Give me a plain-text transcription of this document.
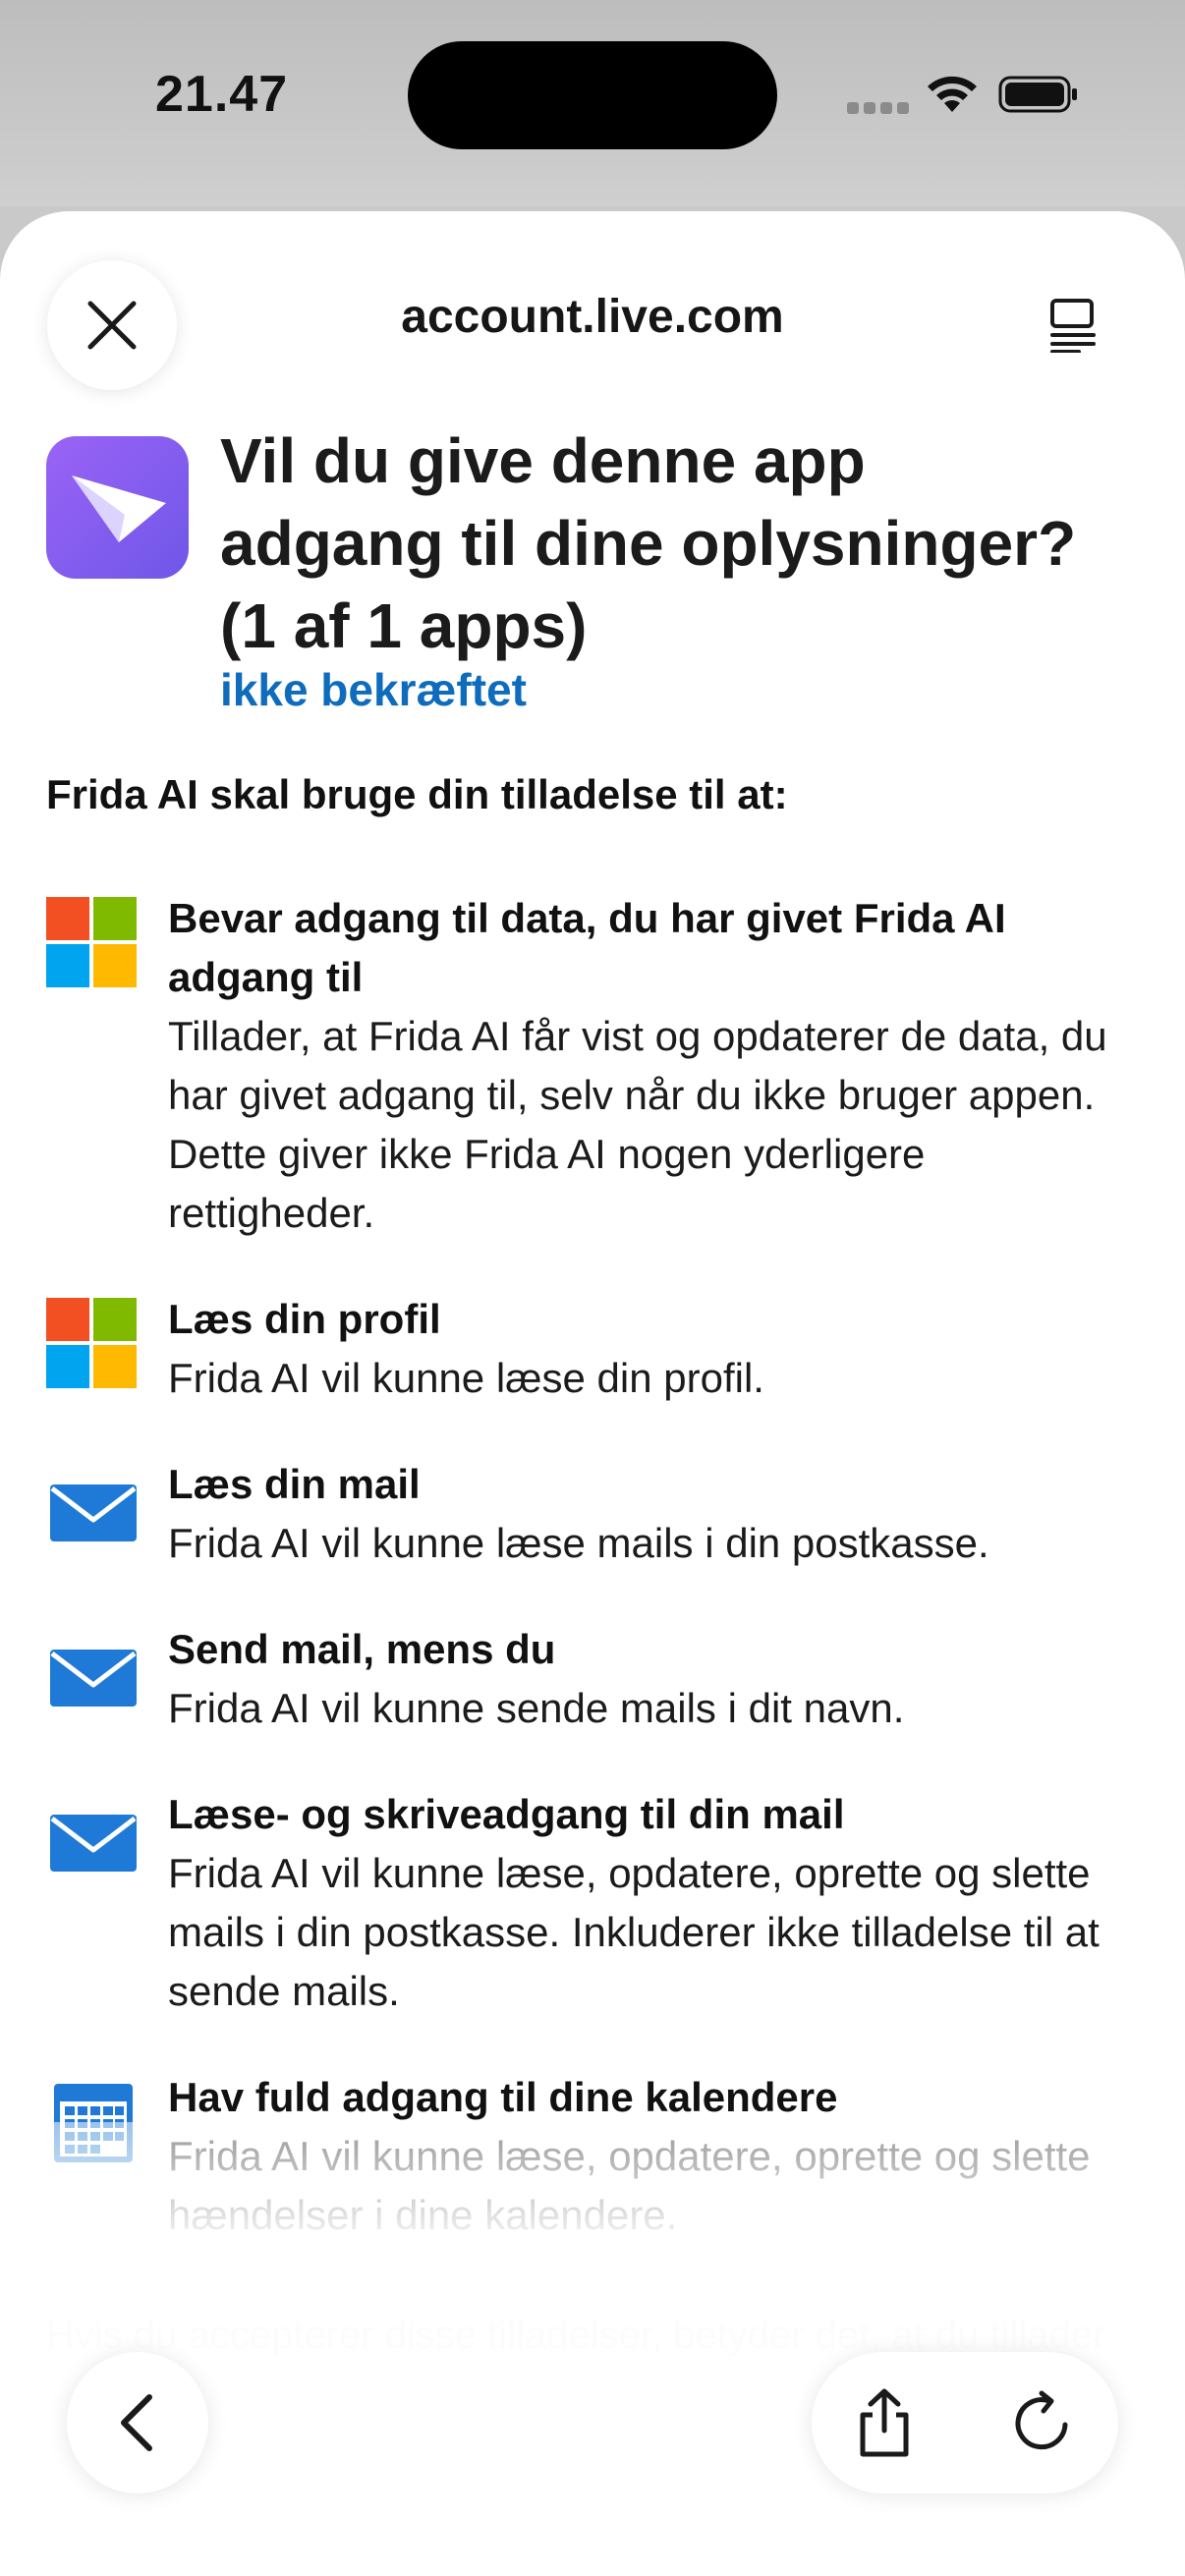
21.47
account.live.com
Vil du give denne app adgang til dine oplysninger? (1 af 1 apps)
ikke bekræftet
Frida AI skal bruge din tilladelse til at:
Bevar adgang til data, du har givet Frida AI adgang til
Tillader, at Frida AI får vist og opdaterer de data, du har givet adgang til, selv når du ikke bruger appen. Dette giver ikke Frida AI nogen yderligere rettigheder.
Læs din profil
Frida AI vil kunne læse din profil.
Læs din mail
Frida AI vil kunne læse mails i din postkasse.
Send mail, mens du
Frida AI vil kunne sende mails i dit navn.
Læse- og skriveadgang til din mail
Frida AI vil kunne læse, opdatere, oprette og slette mails i din postkasse. Inkluderer ikke tilladelse til at sende mails.
Hav fuld adgang til dine kalendere
